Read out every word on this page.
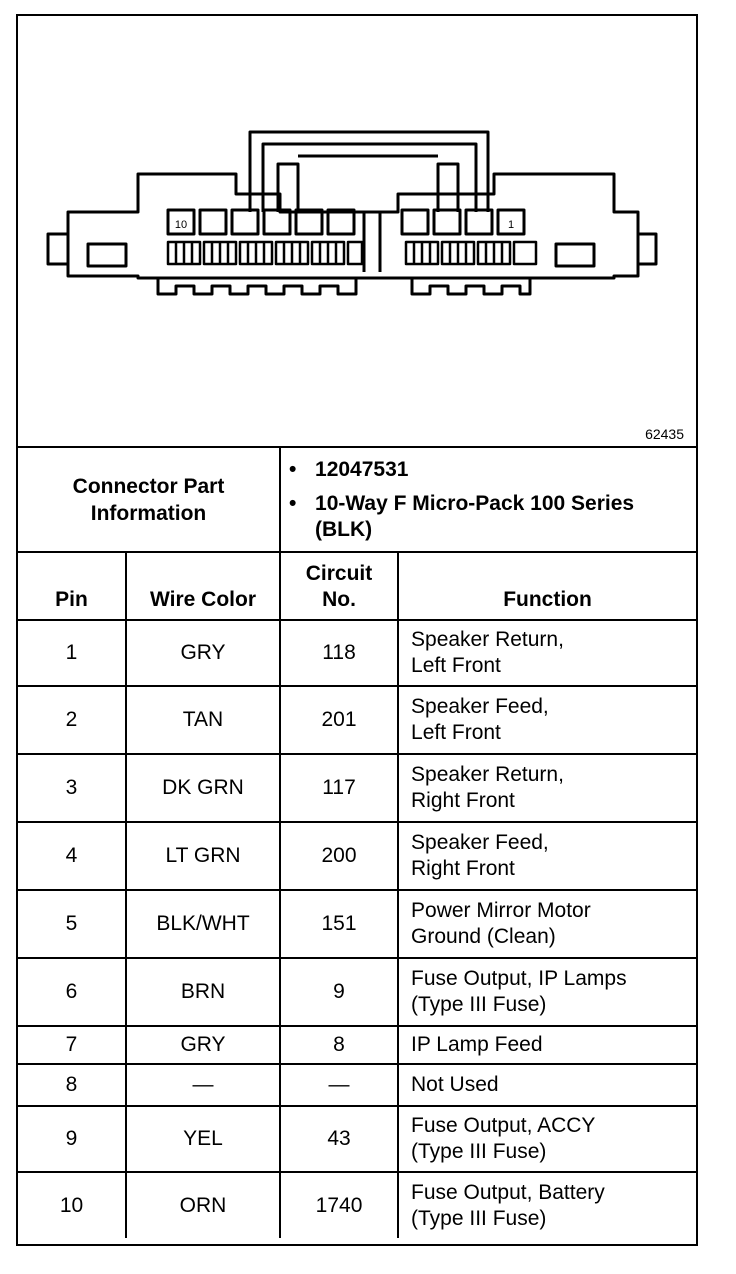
10	1
62435
Connector Part Information		• 12047531
• 10-Way F Micro-Pack 100 Series (BLK)	

Pin	Wire Color	Circuit No.	Function
1	GRY	118	Speaker Return,
Left Front

2	TAN	201	Speaker Feed,
Left Front

3	DK GRN	117	Speaker Return,
Right Front

4	LT GRN	200	Speaker Feed,
Right Front

5	BLK/WHT	151	Power Mirror Motor
Ground (Clean)

6	BRN	9	Fuse Output, IP Lamps
(Type III Fuse)

7	GRY	8	IP Lamp Feed

8	—	—	Not Used

9	YEL	43	Fuse Output, ACCY
(Type III Fuse)

10	ORN	1740	Fuse Output, Battery
(Type III Fuse)
